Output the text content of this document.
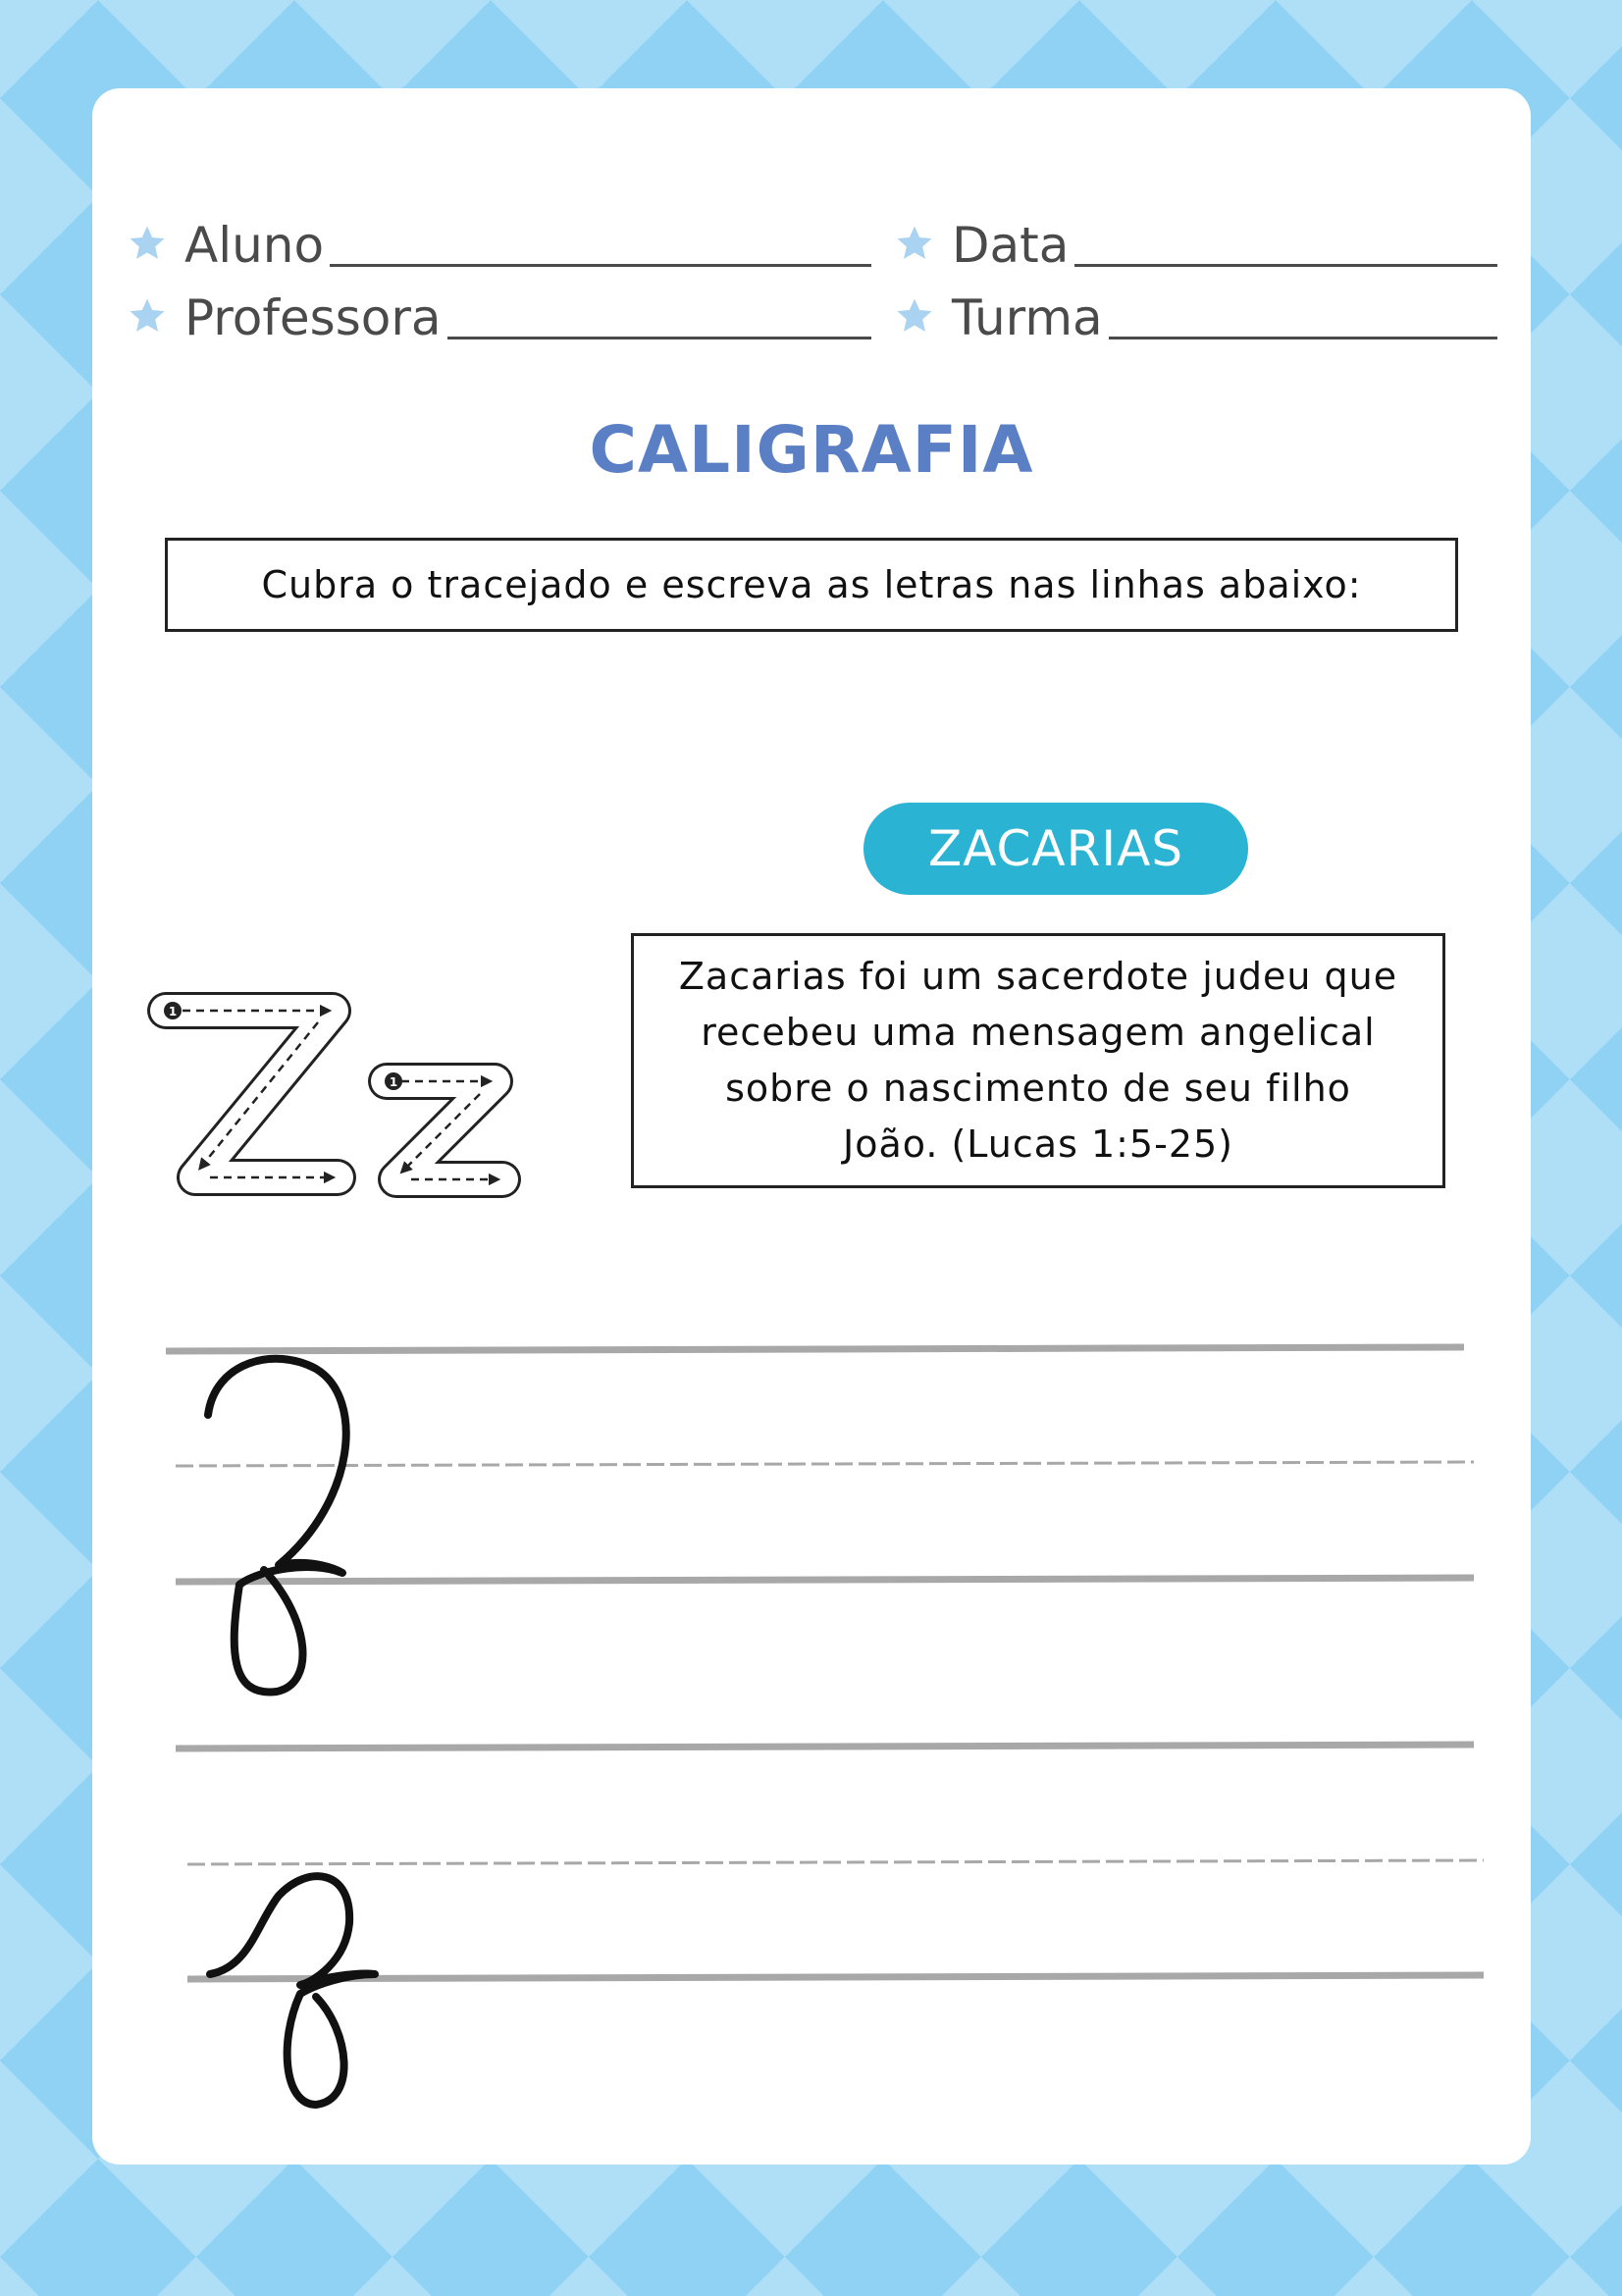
Aluno
Professora
Data
Turma
CALIGRAFIA
Cubra o tracejado e escreva as letras nas linhas abaixo:
1
1
ZACARIAS
Zacarias foi um sacerdote judeu que
recebeu uma mensagem angelical
sobre o nascimento de seu filho
João. (Lucas 1:5-25)
